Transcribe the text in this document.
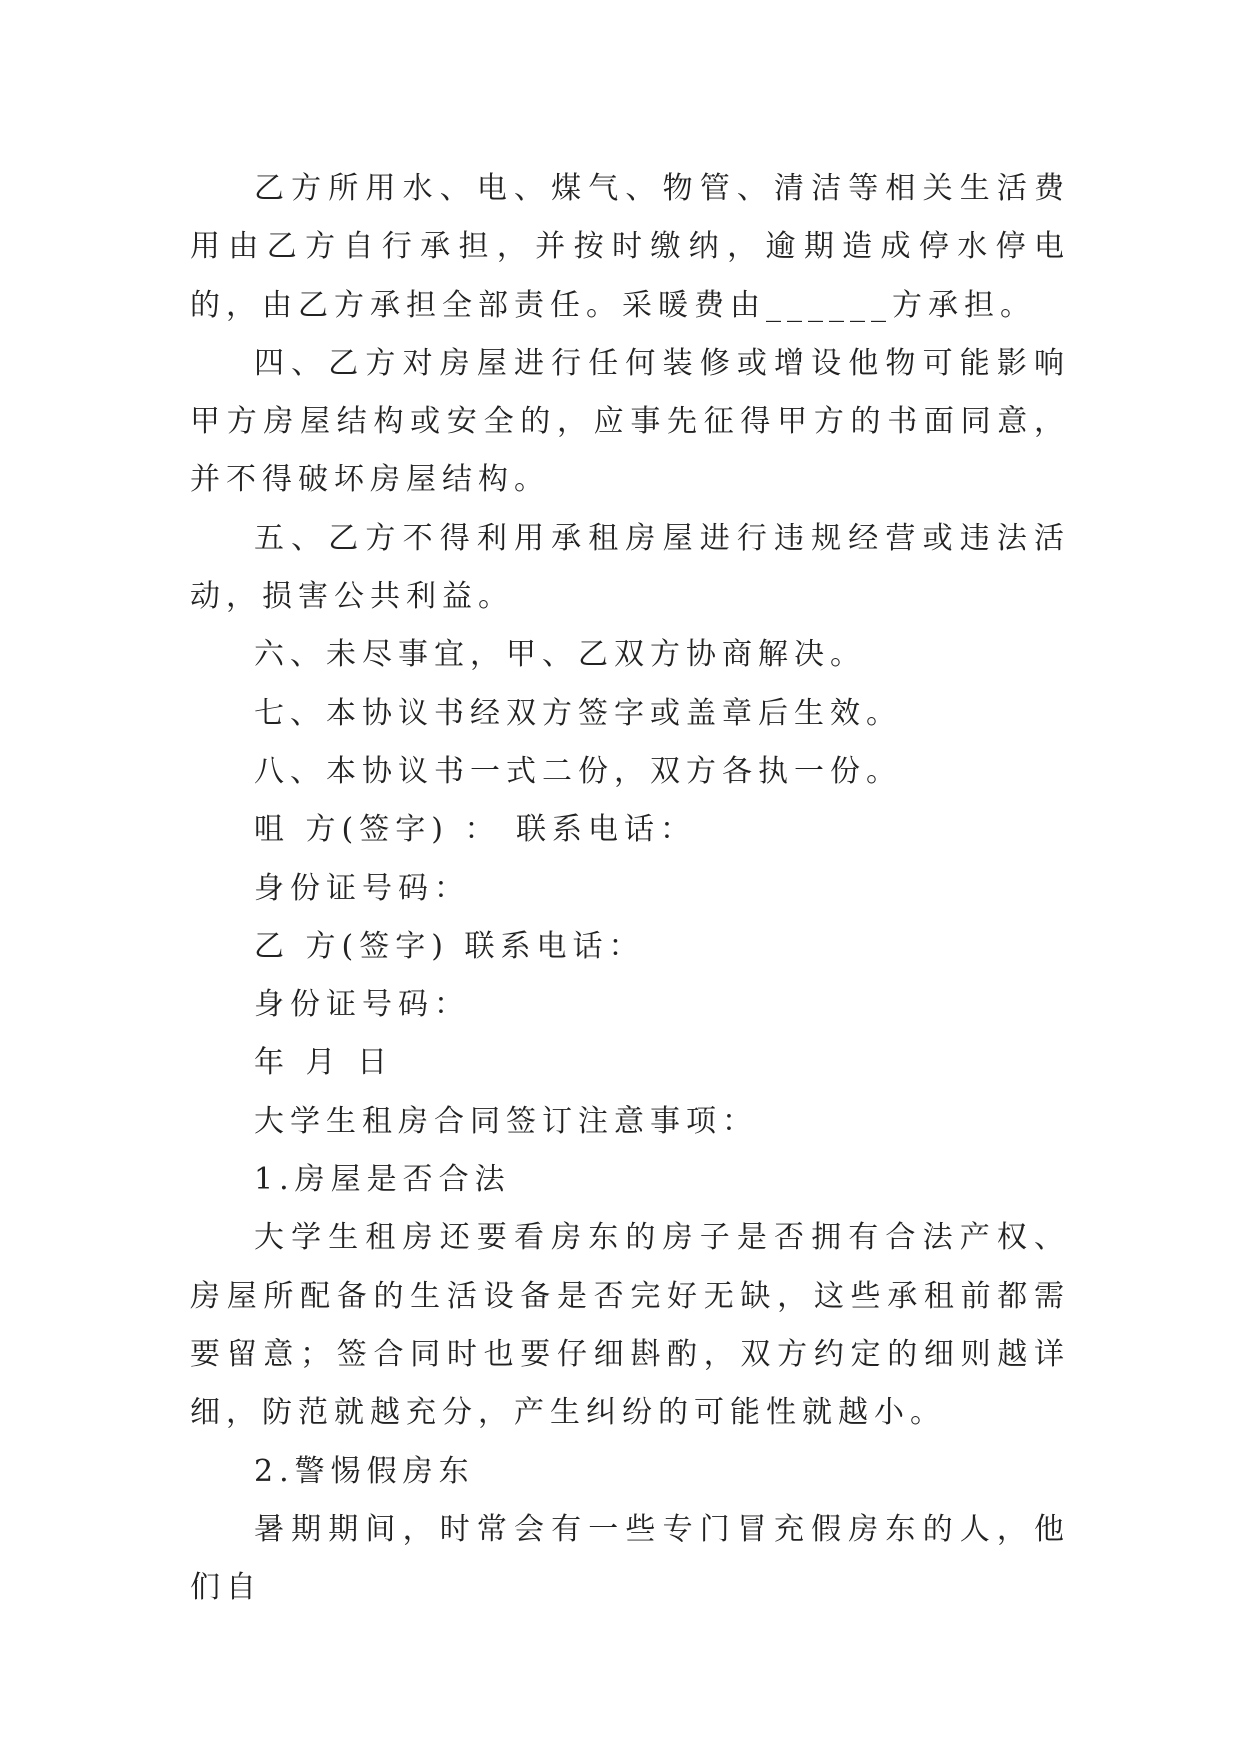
乙方所用水、电、煤气、物管、清洁等相关生活费用由乙方自行承担，并按时缴纳，逾期造成停水停电的，由乙方承担全部责任。采暖费由______方承担。

四、乙方对房屋进行任何装修或增设他物可能影响甲方房屋结构或安全的，应事先征得甲方的书面同意，并不得破坏房屋结构。

五、乙方不得利用承租房屋进行违规经营或违法活动，损害公共利益。

六、未尽事宜，甲、乙双方协商解决。

七、本协议书经双方签字或盖章后生效。

八、本协议书一式二份，双方各执一份。

咀 方(签字) ： 联系电话：

身份证号码：

乙 方(签字) 联系电话：

身份证号码：

年 月 日

大学生租房合同签订注意事项：

1.房屋是否合法

大学生租房还要看房东的房子是否拥有合法产权、房屋所配备的生活设备是否完好无缺，这些承租前都需要留意；签合同时也要仔细斟酌，双方约定的细则越详细，防范就越充分，产生纠纷的可能性就越小。

2.警惕假房东

暑期期间，时常会有一些专门冒充假房东的人，他们自
